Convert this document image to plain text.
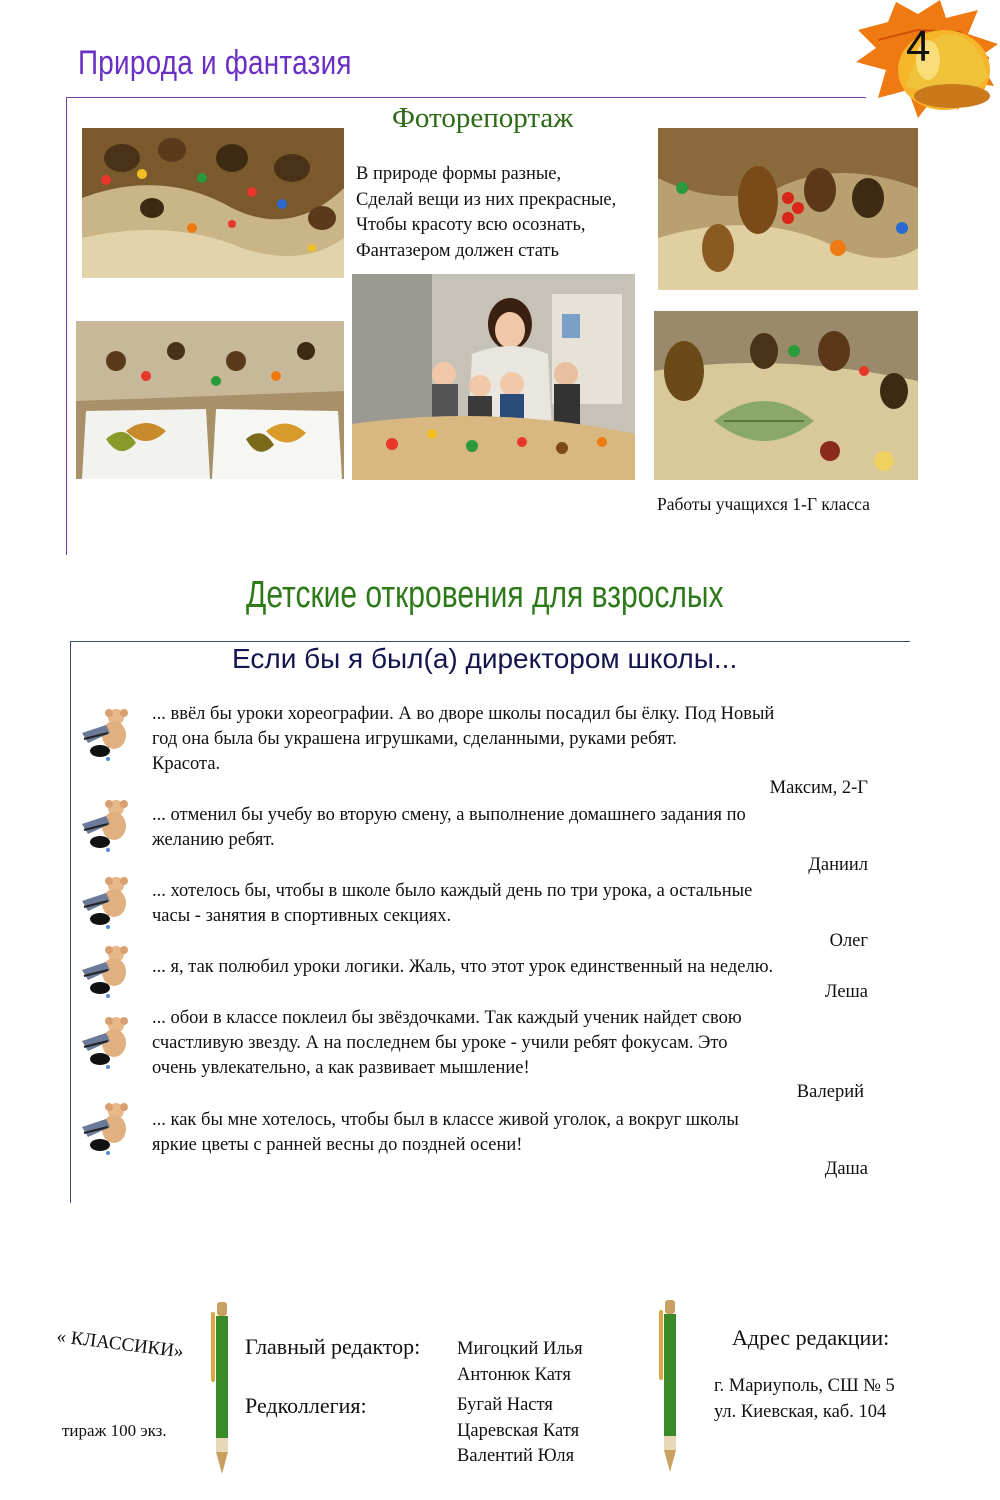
Природа и фантазия	4
Фоторепортаж
В природе формы разные,
Сделай вещи из них прекрасные,
Чтобы красоту всю осознать,
Фантазером должен стать
Работы учащихся 1-Г класса
Детские откровения для взрослых
Если бы я был(а) директором школы...
... ввёл бы уроки хореографии. А во дворе школы посадил бы ёлку. Под Новый
год она была бы украшена игрушками, сделанными, руками ребят.
Красота.
Максим, 2-Г
... отменил бы учебу во вторую смену, а выполнение домашнего задания по
желанию ребят.
Даниил
... хотелось бы, чтобы в школе было каждый день по три урока, а остальные
часы - занятия в спортивных секциях.
Олег
... я, так полюбил уроки логики. Жаль, что этот урок единственный на неделю.
Леша
... обои в классе поклеил бы звёздочками. Так каждый ученик найдет свою
счастливую звезду. А на последнем бы уроке - учили ребят фокусам. Это
очень увлекательно, а как развивает мышление!
Валерий
... как бы мне хотелось, чтобы был в классе живой уголок, а вокруг школы
яркие цветы с ранней весны до поздней осени!
Даша
« КЛАССИКИ»
тираж 100 экз.
Главный редактор: Мигоцкий Илья
Антонюк Катя
Редколлегия:	Бугай Настя
Царевская Катя
Валентий Юля
Адрес редакции:
г. Мариуполь, СШ № 5
ул. Киевская, каб. 104
